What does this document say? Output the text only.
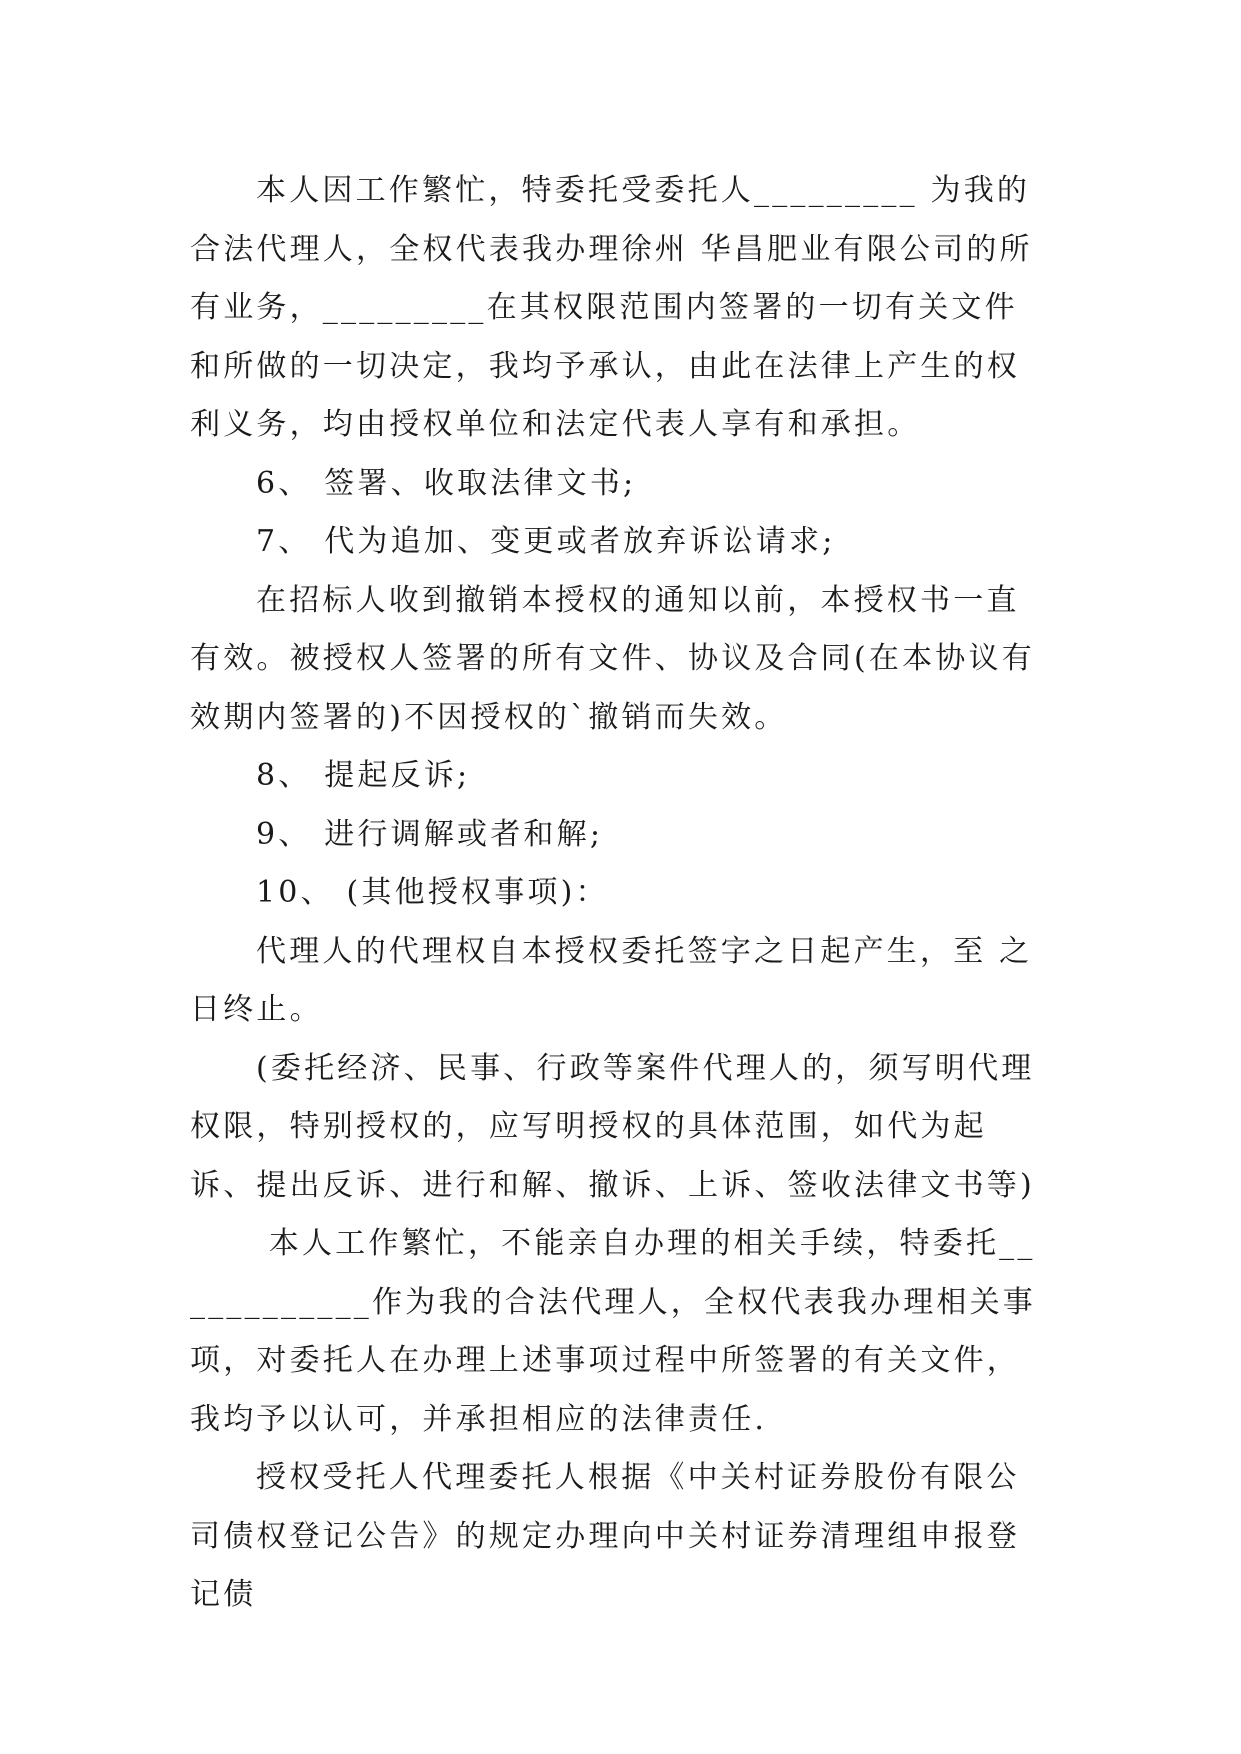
本人因工作繁忙，特委托受委托人_________ 为我的合法代理人，全权代表我办理徐州 华昌肥业有限公司的所有业务，_________在其权限范围内签署的一切有关文件和所做的一切决定，我均予承认，由此在法律上产生的权利义务，均由授权单位和法定代表人享有和承担。

6、 签署、收取法律文书;

7、 代为追加、变更或者放弃诉讼请求;

在招标人收到撤销本授权的通知以前，本授权书一直有效。被授权人签署的所有文件、协议及合同(在本协议有效期内签署的)不因授权的`撤销而失效。

8、 提起反诉;

9、 进行调解或者和解;

10、 (其他授权事项)：

代理人的代理权自本授权委托签字之日起产生，至 之日终止。

(委托经济、民事、行政等案件代理人的，须写明代理权限，特别授权的，应写明授权的具体范围，如代为起诉、提出反诉、进行和解、撤诉、上诉、签收法律文书等)

本人工作繁忙，不能亲自办理的相关手续，特委托____________作为我的合法代理人，全权代表我办理相关事项，对委托人在办理上述事项过程中所签署的有关文件，我均予以认可，并承担相应的法律责任.

授权受托人代理委托人根据《中关村证券股份有限公司债权登记公告》的规定办理向中关村证券清理组申报登记债
